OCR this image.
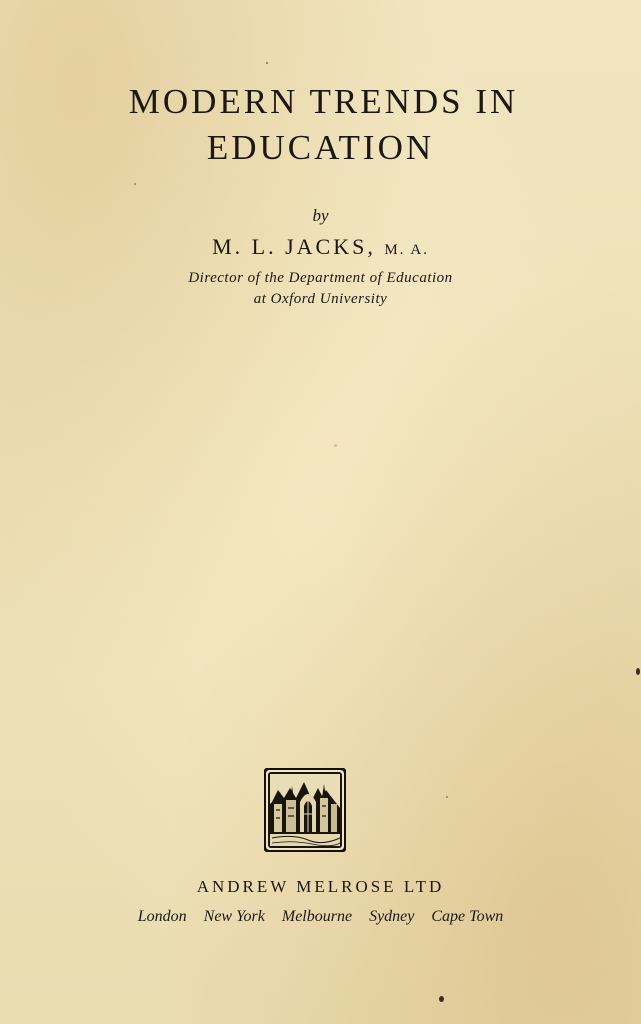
MODERN TRENDS IN
EDUCATION
by
M. L. JACKS, M. A.
Director of the Department of Education
at Oxford University
ANDREW MELROSE LTD
London New York Melbourne Sydney Cape Town
